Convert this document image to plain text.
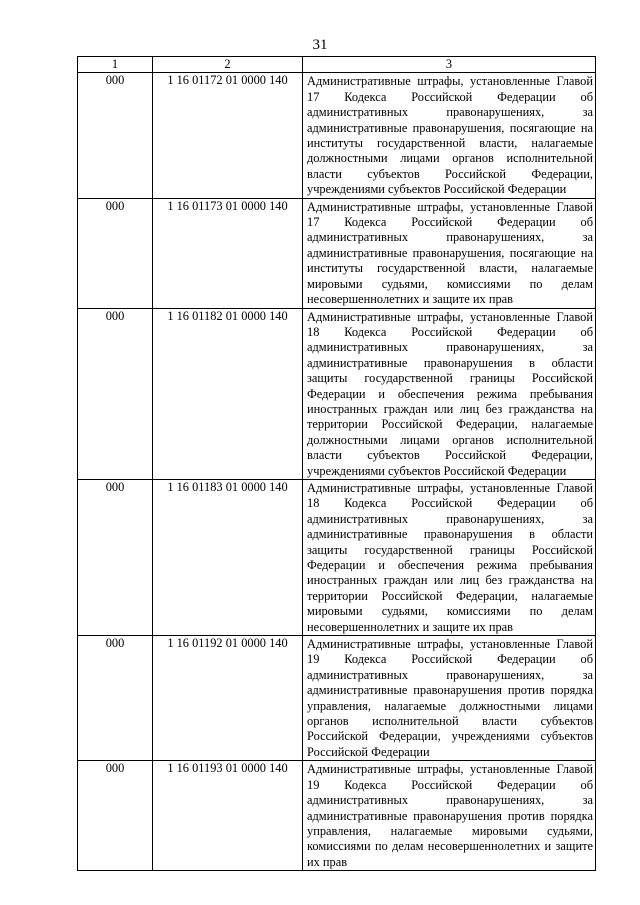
31
1	2	3
000	1 16 01172 01 0000 140	Административные штрафы, установленные Главой 17 Кодекса Российской Федерации об административных правонарушениях, за административные правонарушения, посягающие на институты государственной власти, налагаемые должностными лицами органов исполнительной власти субъектов Российской Федерации, учреждениями субъектов Российской Федерации

000	1 16 01173 01 0000 140	Административные штрафы, установленные Главой 17 Кодекса Российской Федерации об административных правонарушениях, за административные правонарушения, посягающие на институты государственной власти, налагаемые мировыми судьями, комиссиями по делам несовершеннолетних и защите их прав

000	1 16 01182 01 0000 140	Административные штрафы, установленные Главой 18 Кодекса Российской Федерации об административных правонарушениях, за административные правонарушения в области защиты государственной границы Российской Федерации и обеспечения режима пребывания иностранных граждан или лиц без гражданства на территории Российской Федерации, налагаемые должностными лицами органов исполнительной власти субъектов Российской Федерации, учреждениями субъектов Российской Федерации

000	1 16 01183 01 0000 140	Административные штрафы, установленные Главой 18 Кодекса Российской Федерации об административных правонарушениях, за административные правонарушения в области защиты государственной границы Российской Федерации и обеспечения режима пребывания иностранных граждан или лиц без гражданства на территории Российской Федерации, налагаемые мировыми судьями, комиссиями по делам несовершеннолетних и защите их прав

000	1 16 01192 01 0000 140	Административные штрафы, установленные Главой 19 Кодекса Российской Федерации об административных правонарушениях, за административные правонарушения против порядка управления, налагаемые должностными лицами органов исполнительной власти субъектов Российской Федерации, учреждениями субъектов Российской Федерации

000	1 16 01193 01 0000 140	Административные штрафы, установленные Главой 19 Кодекса Российской Федерации об административных правонарушениях, за административные правонарушения против порядка управления, налагаемые мировыми судьями, комиссиями по делам несовершеннолетних и защите их прав
